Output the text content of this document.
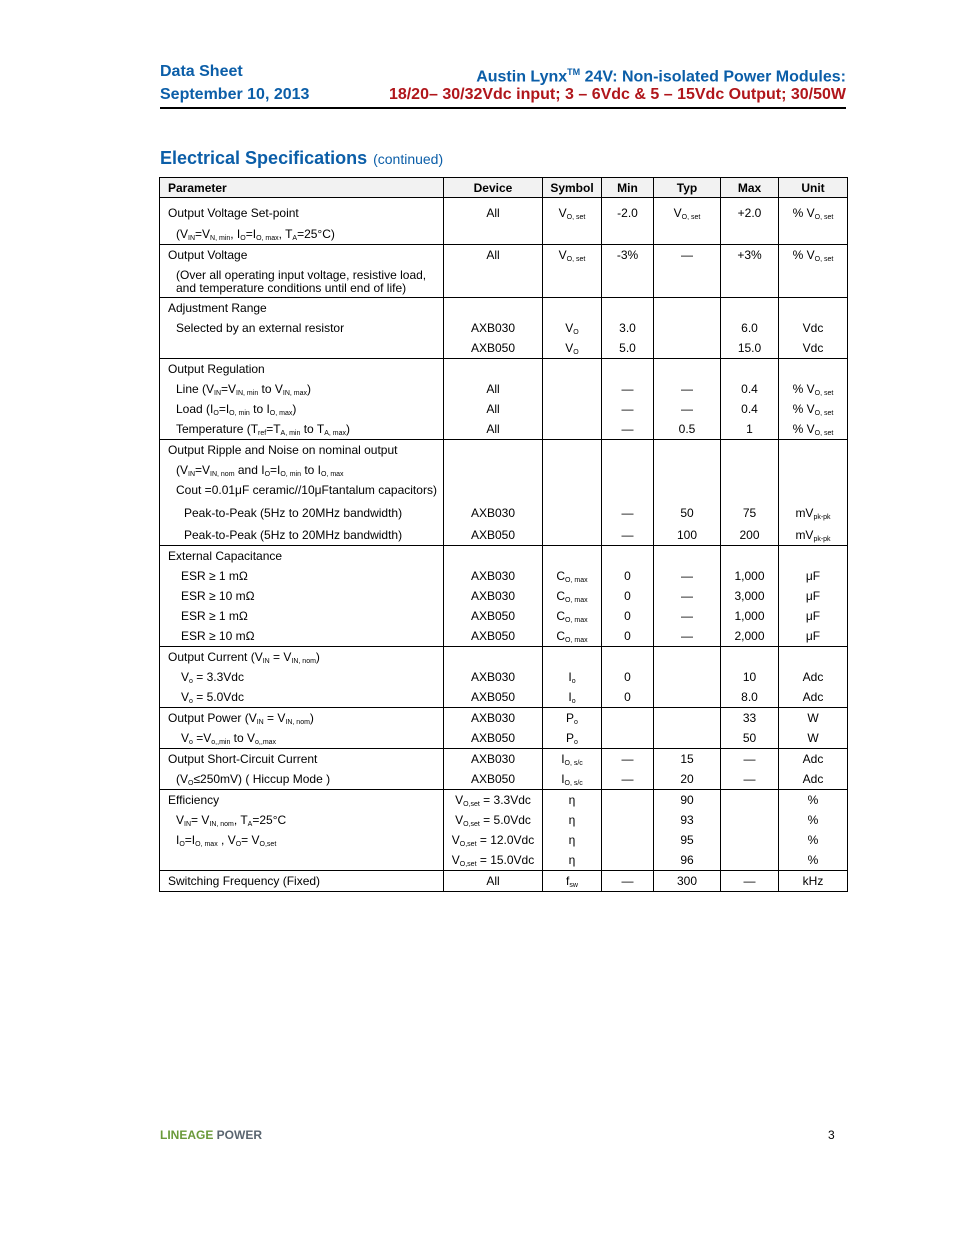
Data Sheet
September 10, 2013
Austin Lynx™ 24V: Non-isolated Power Modules:
18/20– 30/32Vdc input; 3 – 6Vdc & 5 – 15Vdc Output; 30/50W
Electrical Specifications (continued)
Parameter	Device	Symbol	Min	Typ	Max	Unit
Output Voltage Set-point	All	$V_{O, set}$	-2.0	$V_{O, set}$	+2.0	% $V_{O, set}$
($V_{IN}=V_{N, min}$, $I_O=I_{O, max}$, $T_A=25^\circ C$)						
Output Voltage	All	$V_{O, set}$	-3%	—	+3%	% $V_{O, set}$
(Over all operating input voltage, resistive load, and temperature conditions until end of life)						
Adjustment Range						
Selected by an external resistor	AXB030	$V_O$	3.0		6.0	Vdc
	AXB050	$V_O$	5.0		15.0	Vdc
Output Regulation						
Line ($V_{IN}=V_{IN, min}$ to $V_{IN, max}$)	All		—	—	0.4	% $V_{O, set}$
Load ($I_O=I_{O, min}$ to $I_{O, max}$)	All		—	—	0.4	% $V_{O, set}$
Temperature ($T_{ref}=T_{A, min}$ to $T_{A, max}$)	All		—	0.5	1	% $V_{O, set}$
Output Ripple and Noise on nominal output						
($V_{IN}=V_{IN, nom}$ and $I_O=I_{O, min}$ to $I_{O, max}$						
Cout =0.01μF ceramic//10μFtantalum capacitors)						
Peak-to-Peak (5Hz to 20MHz bandwidth)	AXB030		—	50	75	$mV_{pk-pk}$
Peak-to-Peak (5Hz to 20MHz bandwidth)	AXB050		—	100	200	$mV_{pk-pk}$
External Capacitance						
ESR ≥ 1 mΩ	AXB030	$C_{O, max}$	0	—	1,000	μF
ESR ≥ 10 mΩ	AXB030	$C_{O, max}$	0	—	3,000	μF
ESR ≥ 1 mΩ	AXB050	$C_{O, max}$	0	—	1,000	μF
ESR ≥ 10 mΩ	AXB050	$C_{O, max}$	0	—	2,000	μF
Output Current $(V_{IN} = V_{IN, nom})$						
$V_o = 3.3Vdc$	AXB030	$I_o$	0		10	Adc
$V_o = 5.0Vdc$	AXB050	$I_o$	0		8.0	Adc
Output Power $(V_{IN} = V_{IN, nom})$	AXB030	$P_o$			33	W
$V_o =V_{o,,min}$ to $V_{o,,max}$	AXB050	$P_o$			50	W
Output Short-Circuit Current	AXB030	$I_{O, s/c}$	—	15	—	Adc
$(V_O\le 250mV)$ ( Hiccup Mode )	AXB050	$I_{O, s/c}$	—	20	—	Adc
Efficiency	$V_{O,set} = 3.3Vdc$	η		90		%
$V_{IN}= V_{IN, nom}$, $T_A=25^\circ C$	$V_{O,set} = 5.0Vdc$	η		93		%
$I_O=I_{O, max}$ , $V_O= V_{O,set}$	$V_{O,set} = 12.0Vdc$	η		95		%
	$V_{O,set} = 15.0Vdc$	η		96		%
Switching Frequency (Fixed)	All	$f_{sw}$	—	300	—	kHz
LINEAGE POWER	3
